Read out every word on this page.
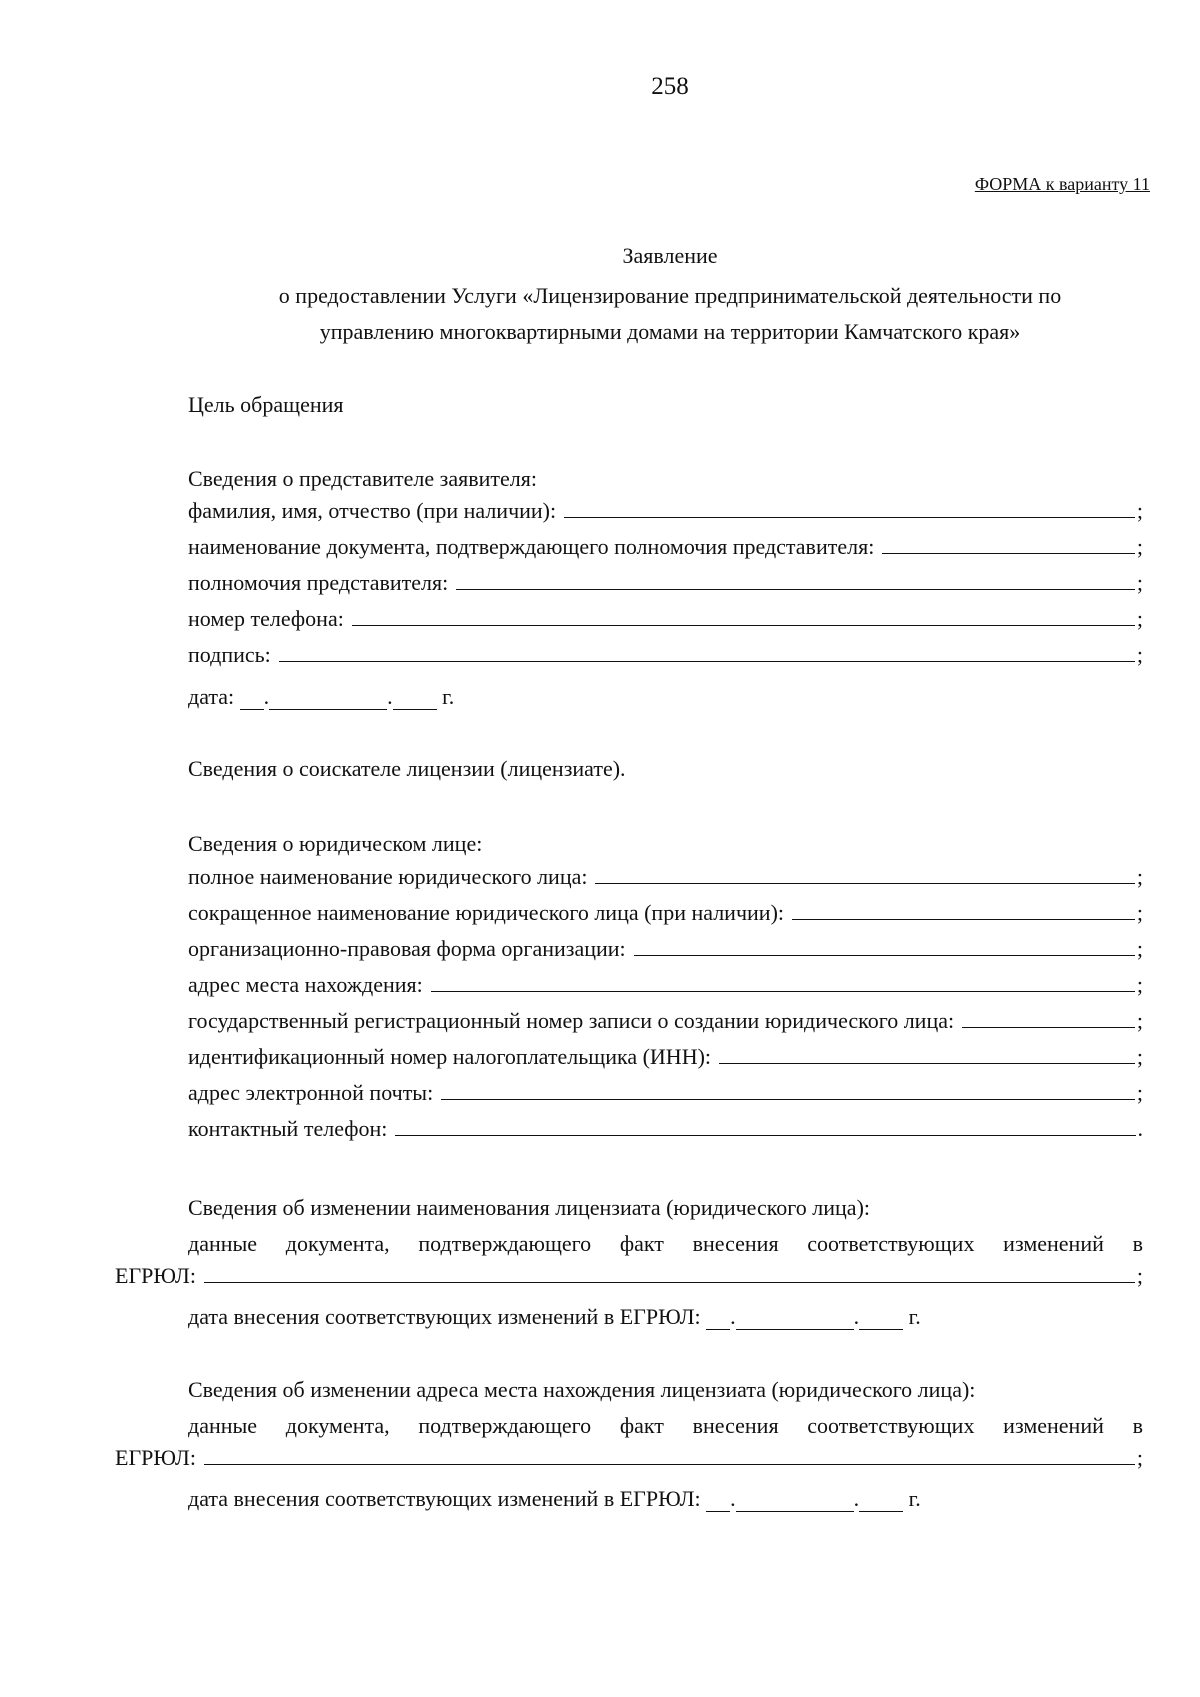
258
ФОРМА к варианту 11
Заявление
о предоставлении Услуги «Лицензирование предпринимательской деятельности по управлению многоквартирными домами на территории Камчатского края»
Цель обращения
Сведения о представителе заявителя:
фамилия, имя, отчество (при наличии):	;
наименование документа, подтверждающего полномочия представителя:	;
полномочия представителя:	;
номер телефона:	;
подпись:	;
дата: .	. г.
Сведения о соискателе лицензии (лицензиате).
Сведения о юридическом лице:
полное наименование юридического лица:	;
сокращенное наименование юридического лица (при наличии):	;
организационно-правовая форма организации:	;
адрес места нахождения:	;
государственный регистрационный номер записи о создании юридического лица:	;
идентификационный номер налогоплательщика (ИНН):	;
адрес электронной почты:	;
контактный телефон:	.
Сведения об изменении наименования лицензиата (юридического лица):
данные документа, подтверждающего факт внесения соответствующих изменений в
ЕГРЮЛ:	;
дата внесения соответствующих изменений в ЕГРЮЛ: .	. г.
Сведения об изменении адреса места нахождения лицензиата (юридического лица):
данные документа, подтверждающего факт внесения соответствующих изменений в
ЕГРЮЛ:	;
дата внесения соответствующих изменений в ЕГРЮЛ: .	. г.
